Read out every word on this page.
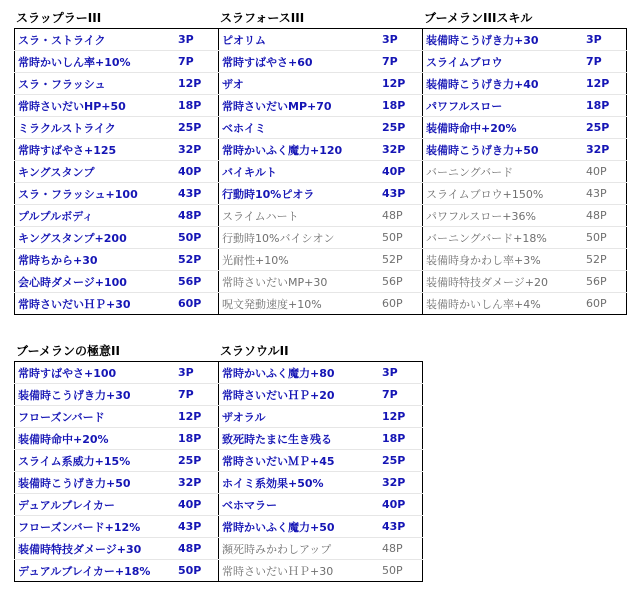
スラップラーIII
スラ・ストライク	3P
常時かいしん率+10%	7P
スラ・フラッシュ	12P
常時さいだいHP+50	18P
ミラクルストライク	25P
常時すばやさ+125	32P
キングスタンプ	40P
スラ・フラッシュ+100	43P
プルプルボディ	48P
キングスタンプ+200	50P
常時ちから+30	52P
会心時ダメージ+100	56P
常時さいだいＨＰ+30	60P
スラフォースIII
ピオリム	3P
常時すばやさ+60	7P
ザオ	12P
常時さいだいMP+70	18P
ベホイミ	25P
常時かいふく魔力+120	32P
バイキルト	40P
行動時10%ピオラ	43P
スライムハート	48P
行動時10%バイシオン	50P
光耐性+10%	52P
常時さいだいMP+30	56P
呪文発動速度+10%	60P
ブーメランIIIスキル
装備時こうげき力+30	3P
スライムブロウ	7P
装備時こうげき力+40	12P
パワフルスロー	18P
装備時命中+20%	25P
装備時こうげき力+50	32P
バーニングバード	40P
スライムブロウ+150%	43P
パワフルスロー+36%	48P
バーニングバード+18%	50P
装備時身かわし率+3%	52P
装備時特技ダメージ+20	56P
装備時かいしん率+4%	60P
ブーメランの極意II
常時すばやさ+100	3P
装備時こうげき力+30	7P
フローズンバード	12P
装備時命中+20%	18P
スライム系威力+15%	25P
装備時こうげき力+50	32P
デュアルブレイカー	40P
フローズンバード+12%	43P
装備時特技ダメージ+30	48P
デュアルブレイカー+18%	50P
スラソウルII
常時かいふく魔力+80	3P
常時さいだいＨＰ+20	7P
ザオラル	12P
致死時たまに生き残る	18P
常時さいだいＭＰ+45	25P
ホイミ系効果+50%	32P
ベホマラー	40P
常時かいふく魔力+50	43P
瀕死時みかわしアップ	48P
常時さいだいＨＰ+30	50P
